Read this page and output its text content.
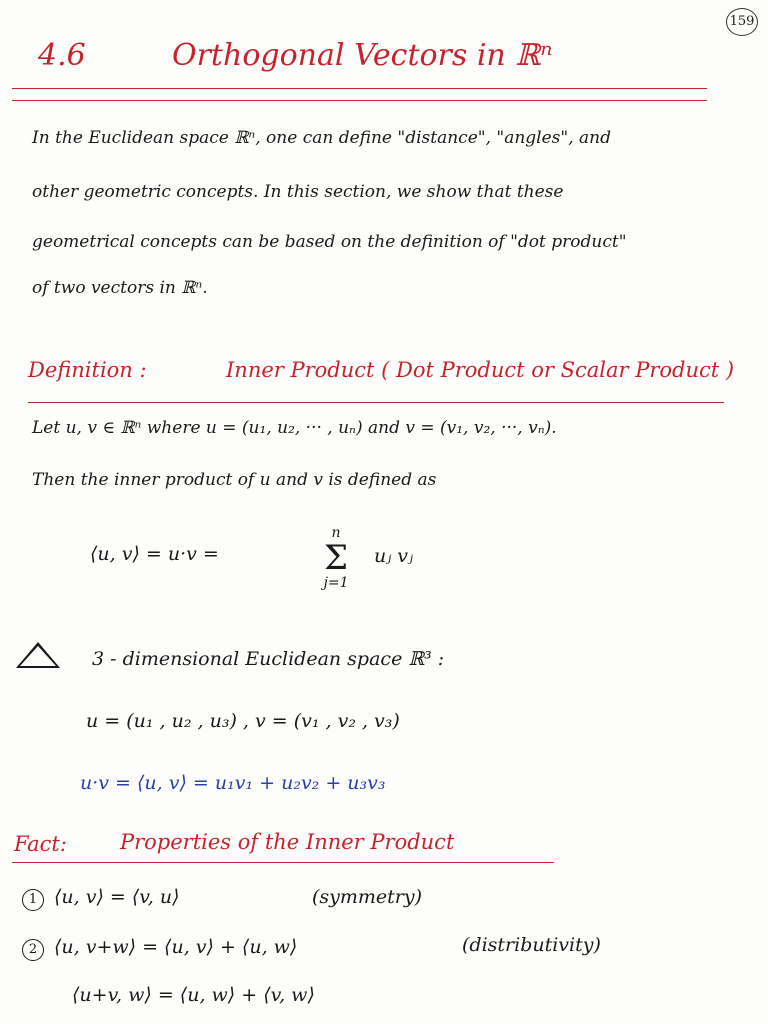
159
4.6	Orthogonal Vectors in ℝⁿ
In the Euclidean space ℝⁿ, one can define "distance", "angles", and
other geometric concepts. In this section, we show that these
geometrical concepts can be based on the definition of "dot product"
of two vectors in ℝⁿ.
Definition :	Inner Product ( Dot Product or Scalar Product )
Let u, v ∈ ℝⁿ where u = (u₁, u₂, ··· , uₙ) and v = (v₁, v₂, ···, vₙ).
Then the inner product of u and v is defined as
⟨u, v⟩ = u·v =
n
Σ
j=1
uⱼ vⱼ
3 - dimensional Euclidean space ℝ³ :
u = (u₁ , u₂ , u₃) , v = (v₁ , v₂ , v₃)
u·v = ⟨u, v⟩ = u₁v₁ + u₂v₂ + u₃v₃
Fact:	Properties of the Inner Product
1 ⟨u, v⟩ = ⟨v, u⟩	(symmetry)
2 ⟨u, v+w⟩ = ⟨u, v⟩ + ⟨u, w⟩	(distributivity)
⟨u+v, w⟩ = ⟨u, w⟩ + ⟨v, w⟩
